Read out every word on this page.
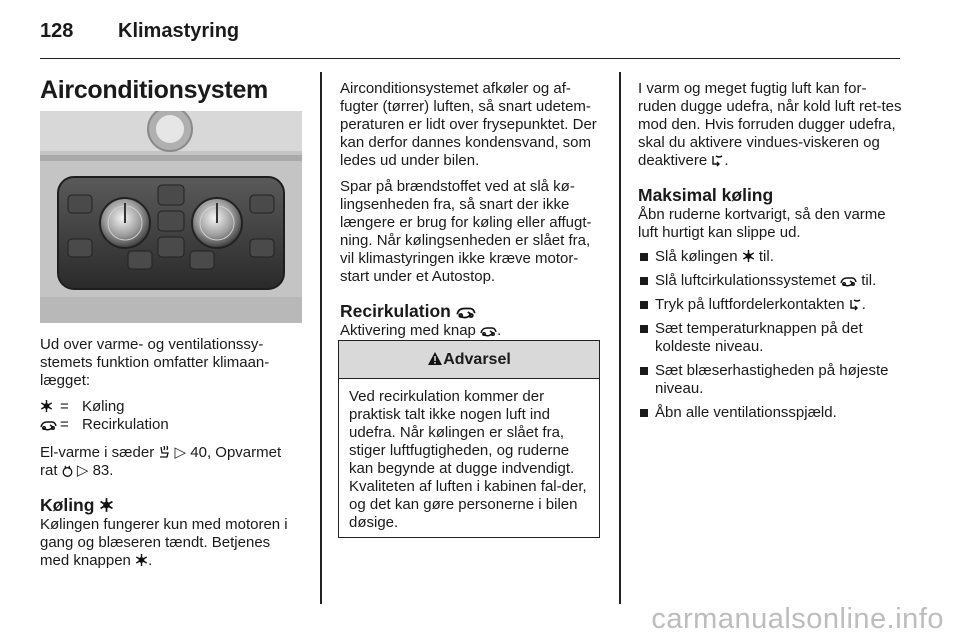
128 Klimastyring
Airconditionsystem

Ud over varme- og ventilationssy-stemets funktion omfatter klimaan-lægget:

= Køling
= Recirkulation

El-varme i sæder ▷ 40, Opvarmet rat ▷ 83.

Køling

Kølingen fungerer kun med motoren i gang og blæseren tændt. Betjenes med knappen .

Airconditionsystemet afkøler og af-fugter (tørrer) luften, så snart udetem-peraturen er lidt over frysepunktet. Der kan derfor dannes kondensvand, som ledes ud under bilen.

Spar på brændstoffet ved at slå kø-lingsenheden fra, så snart der ikke længere er brug for køling eller affugt-ning. Når kølingsenheden er slået fra, vil klimastyringen ikke kræve motor-start under et Autostop.

Recirkulation

Aktivering med knap .

Advarsel
Ved recirkulation kommer der praktisk talt ikke nogen luft ind udefra. Når kølingen er slået fra, stiger luftfugtigheden, og ruderne kan begynde at dugge indvendigt. Kvaliteten af luften i kabinen fal-der, og det kan gøre personerne i bilen døsige.

I varm og meget fugtig luft kan for-ruden dugge udefra, når kold luft ret-tes mod den. Hvis forruden dugger udefra, skal du aktivere vindues-viskeren og deaktivere .

Maksimal køling

Åbn ruderne kortvarigt, så den varme luft hurtigt kan slippe ud.

Slå kølingen til.
Slå luftcirkulationssystemet til.
Tryk på luftfordelerkontakten .
Sæt temperaturknappen på det koldeste niveau.
Sæt blæserhastigheden på højeste niveau.
Åbn alle ventilationsspjæld.
carmanualsonline.info
